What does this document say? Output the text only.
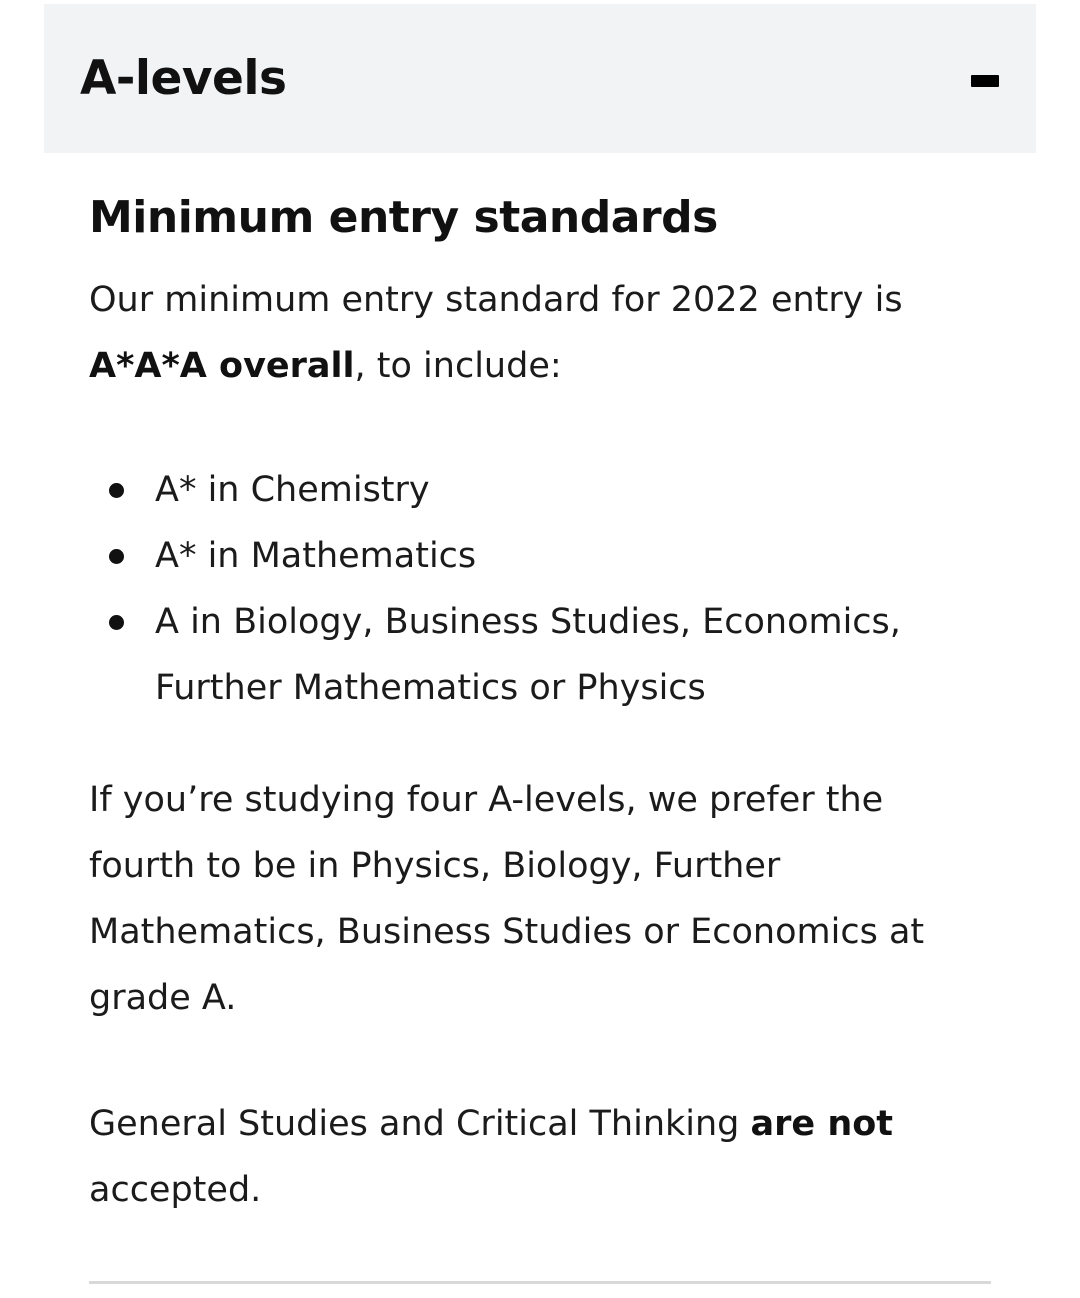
A-levels
Minimum entry standards

Our minimum entry standard for 2022 entry is
A*A*A overall, to include:

A* in Chemistry
A* in Mathematics
A in Biology, Business Studies, Economics, Further Mathematics or Physics

If you’re studying four A-levels, we prefer the fourth to be in Physics, Biology, Further Mathematics, Business Studies or Economics at grade A.

General Studies and Critical Thinking are not accepted.
